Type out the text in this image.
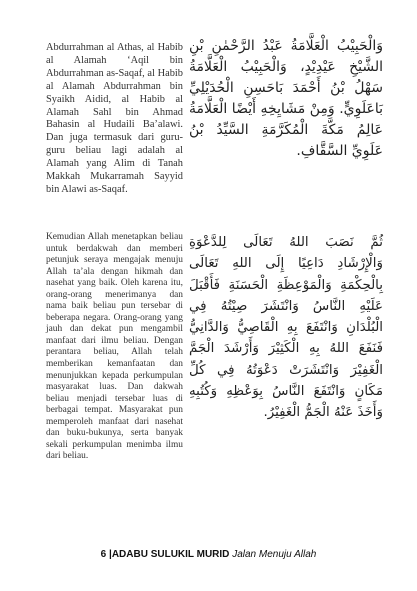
Abdurrahman al Athas, al Habib al Alamah ‘Aqil bin Abdurrahman as-Saqaf, al Habib al Alamah Abdurrahman bin Syaikh Aidid, al Habib al Alamah Sahl bin Ahmad Bahasin al Hudaili Ba’alawi. Dan juga termasuk dari guru-guru beliau lagi adalah al Alamah yang Alim di Tanah Makkah Mukarramah Sayyid bin Alawi as-Saqaf.

Kemudian Allah menetapkan beliau untuk berdakwah dan memberi petunjuk seraya mengajak menuju Allah ta’ala dengan hikmah dan nasehat yang baik. Oleh karena itu, orang-orang menerimanya dan nama baik beliau pun tersebar di beberapa negara. Orang-orang yang jauh dan dekat pun mengambil manfaat dari ilmu beliau. Dengan perantara beliau, Allah telah memberikan kemanfaatan dan menunjukkan kepada perkumpulan masyarakat luas. Dan dakwah beliau menjadi tersebar luas di berbagai tempat. Masyarakat pun memperoleh manfaat dari nasehat dan buku-bukunya, serta banyak sekali perkumpulan menimba ilmu dari beliau.

وَالْحَبِيْبُ الْعَلَّامَةُ عَبْدُ الرَّحْمٰنِ بْنِ الشَّيْخِ عَيْدِيْدٍ، وَالْحَبِيْبُ الْعَلَّامَةُ سَهْلُ بْنُ أَحْمَدَ بَاحَسِنِ الْحُدَيْلِيِّ بَاعَلَوِيٍّ. وَمِنْ مَشَايِخِهِ أَيْضًا الْعَلَّامَةُ عَالِمُ مَكَّةَ الْمُكَرَّمَةِ السَّيِّدُ بْنُ عَلَوِيِّ السَّقَّافِ.

ثُمَّ نَصَبَ اللهُ تَعَالَى لِلدَّعْوَةِ وَالْإِرْشَادِ دَاعِيًا إِلَى اللهِ تَعَالَى بِالْحِكْمَةِ وَالْمَوْعِظَةِ الْحَسَنَةِ فَأَقْبَلَ عَلَيْهِ النَّاسُ وَانْتَشَرَ صِيْتُهُ فِي الْبُلْدَانِ وَانْتَفَعَ بِهِ الْقَاصِيُّ وَالدَّانِيُّ فَنَفَعَ اللهُ بِهِ الْكَثِيْرَ وَأَرْشَدَ الْجَمَّ الْغَفِيْرَ وَانْتَشَرَتْ دَعْوَتُهُ فِي كُلِّ مَكَانٍ وَانْتَفَعَ النَّاسُ بِوَعْظِهِ وَكُتُبِهِ وَأَخَذَ عَنْهُ الْجَمُّ الْغَفِيْرُ.

6 |ADABU SULUKIL MURID Jalan Menuju Allah
